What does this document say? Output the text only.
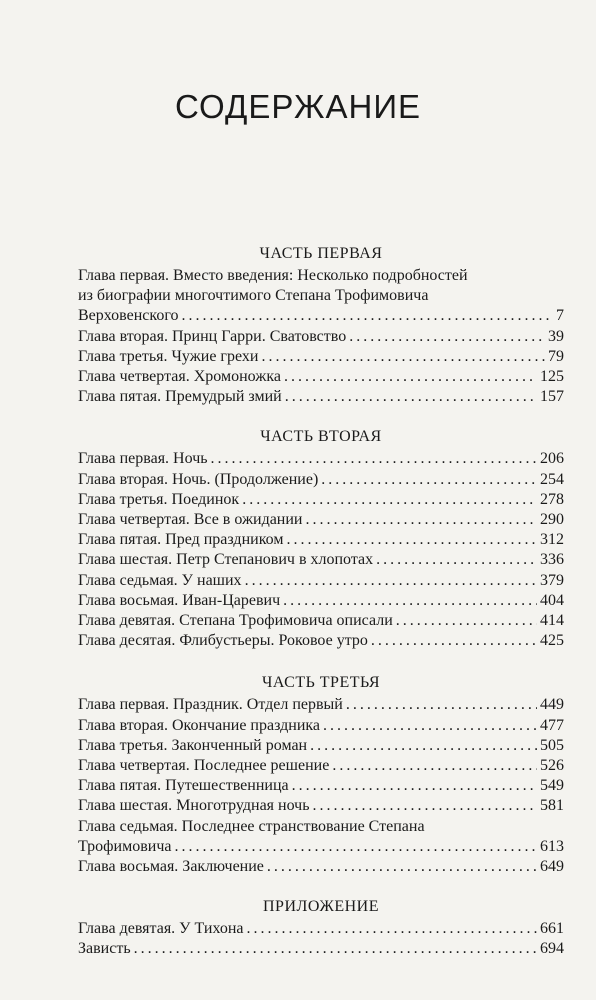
СОДЕРЖАНИЕ
ЧАСТЬ ПЕРВАЯ
Глава первая. Вместо введения: Несколько подробностей
из биографии многочтимого Степана Трофимовича
Верховенского . . .	7
Глава вторая. Принц Гарри. Сватовство . . .	39
Глава третья. Чужие грехи . . .	79
Глава четвертая. Хромоножка . . .	125
Глава пятая. Премудрый змий . . .	157
ЧАСТЬ ВТОРАЯ
Глава первая. Ночь . . .	206
Глава вторая. Ночь. (Продолжение) . . .	254
Глава третья. Поединок . . .	278
Глава четвертая. Все в ожидании . . .	290
Глава пятая. Пред праздником . . .	312
Глава шестая. Петр Степанович в хлопотах . . .	336
Глава седьмая. У наших . . .	379
Глава восьмая. Иван-Царевич . . .	404
Глава девятая. Степана Трофимовича описали . . .	414
Глава десятая. Флибустьеры. Роковое утро . . .	425
ЧАСТЬ ТРЕТЬЯ
Глава первая. Праздник. Отдел первый . . .	449
Глава вторая. Окончание праздника . . .	477
Глава третья. Законченный роман . . .	505
Глава четвертая. Последнее решение . . .	526
Глава пятая. Путешественница . . .	549
Глава шестая. Многотрудная ночь . . .	581
Глава седьмая. Последнее странствование Степана
Трофимовича . . .	613
Глава восьмая. Заключение . . .	649
ПРИЛОЖЕНИЕ
Глава девятая. У Тихона . . .	661
Зависть . . .	694
